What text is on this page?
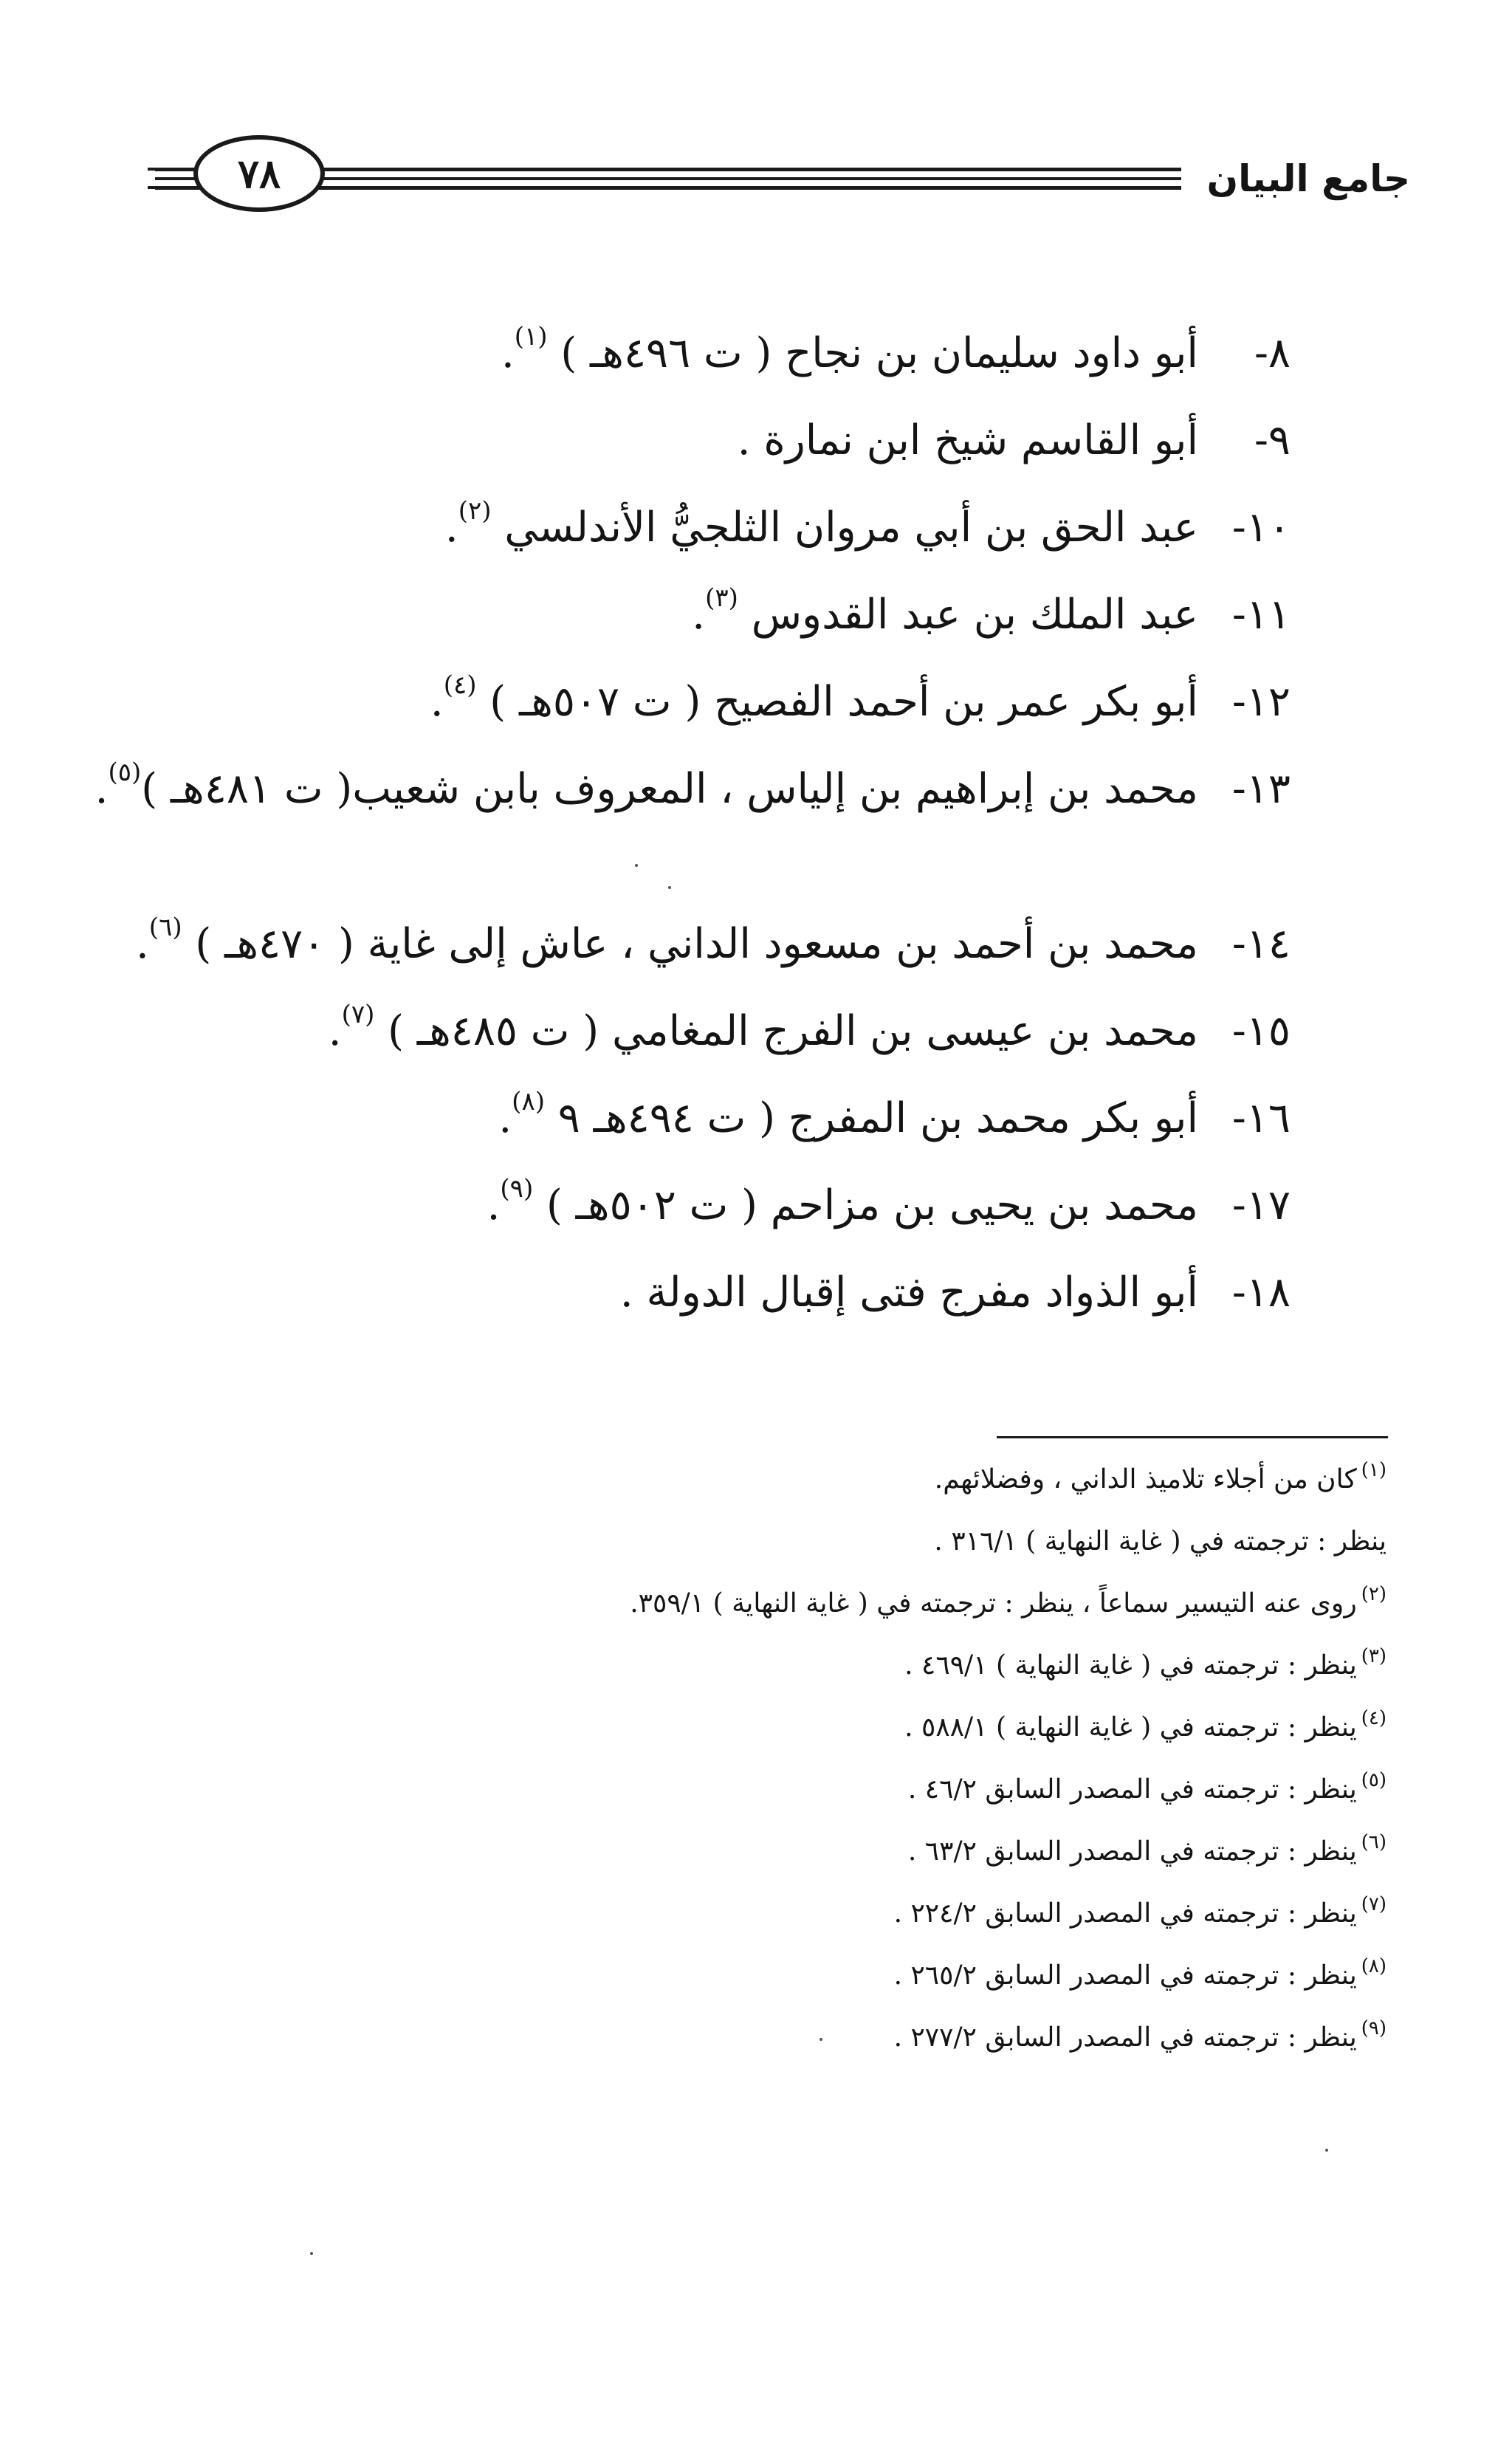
٧٨	جامع البيان
٨-
أبو داود سليمان بن نجاح ( ت ٤٩٦هـ ) $^{(١)}$.
٩-
أبو القاسم شيخ ابن نمارة .
١٠-
عبد الحق بن أبي مروان الثلجيُّ الأندلسي $^{(٢)}$.
١١-
عبد الملك بن عبد القدوس $^{(٣)}$.
١٢-
أبو بكر عمر بن أحمد الفصيح ( ت ٥٠٧هـ ) $^{(٤)}$.
١٣-
محمد بن إبراهيم بن إلياس ، المعروف بابن شعيب( ت ٤٨١هـ )$^{(٥)}$.
١٤-
محمد بن أحمد بن مسعود الداني ، عاش إلى غاية ( ٤٧٠هـ ) $^{(٦)}$.
١٥-
محمد بن عيسى بن الفرج المغامي ( ت ٤٨٥هـ ) $^{(٧)}$.
١٦-
أبو بكر محمد بن المفرج ( ت ٤٩٤هـ ٩ $^{(٨)}$.
١٧-
محمد بن يحيى بن مزاحم ( ت ٥٠٢هـ ) $^{(٩)}$.
١٨-
أبو الذواد مفرج فتى إقبال الدولة .
$^{(١)}$كان من أجلاء تلاميذ الداني ، وفضلائهم.
ينظر : ترجمته في ( غاية النهاية ) ٣١٦/١ .
$^{(٢)}$روى عنه التيسير سماعاً ، ينظر : ترجمته في ( غاية النهاية ) ٣٥٩/١.
$^{(٣)}$ينظر : ترجمته في ( غاية النهاية ) ٤٦٩/١ .
$^{(٤)}$ينظر : ترجمته في ( غاية النهاية ) ٥٨٨/١ .
$^{(٥)}$ينظر : ترجمته في المصدر السابق ٤٦/٢ .
$^{(٦)}$ينظر : ترجمته في المصدر السابق ٦٣/٢ .
$^{(٧)}$ينظر : ترجمته في المصدر السابق ٢٢٤/٢ .
$^{(٨)}$ينظر : ترجمته في المصدر السابق ٢٦٥/٢ .
$^{(٩)}$ينظر : ترجمته في المصدر السابق ٢٧٧/٢ .
